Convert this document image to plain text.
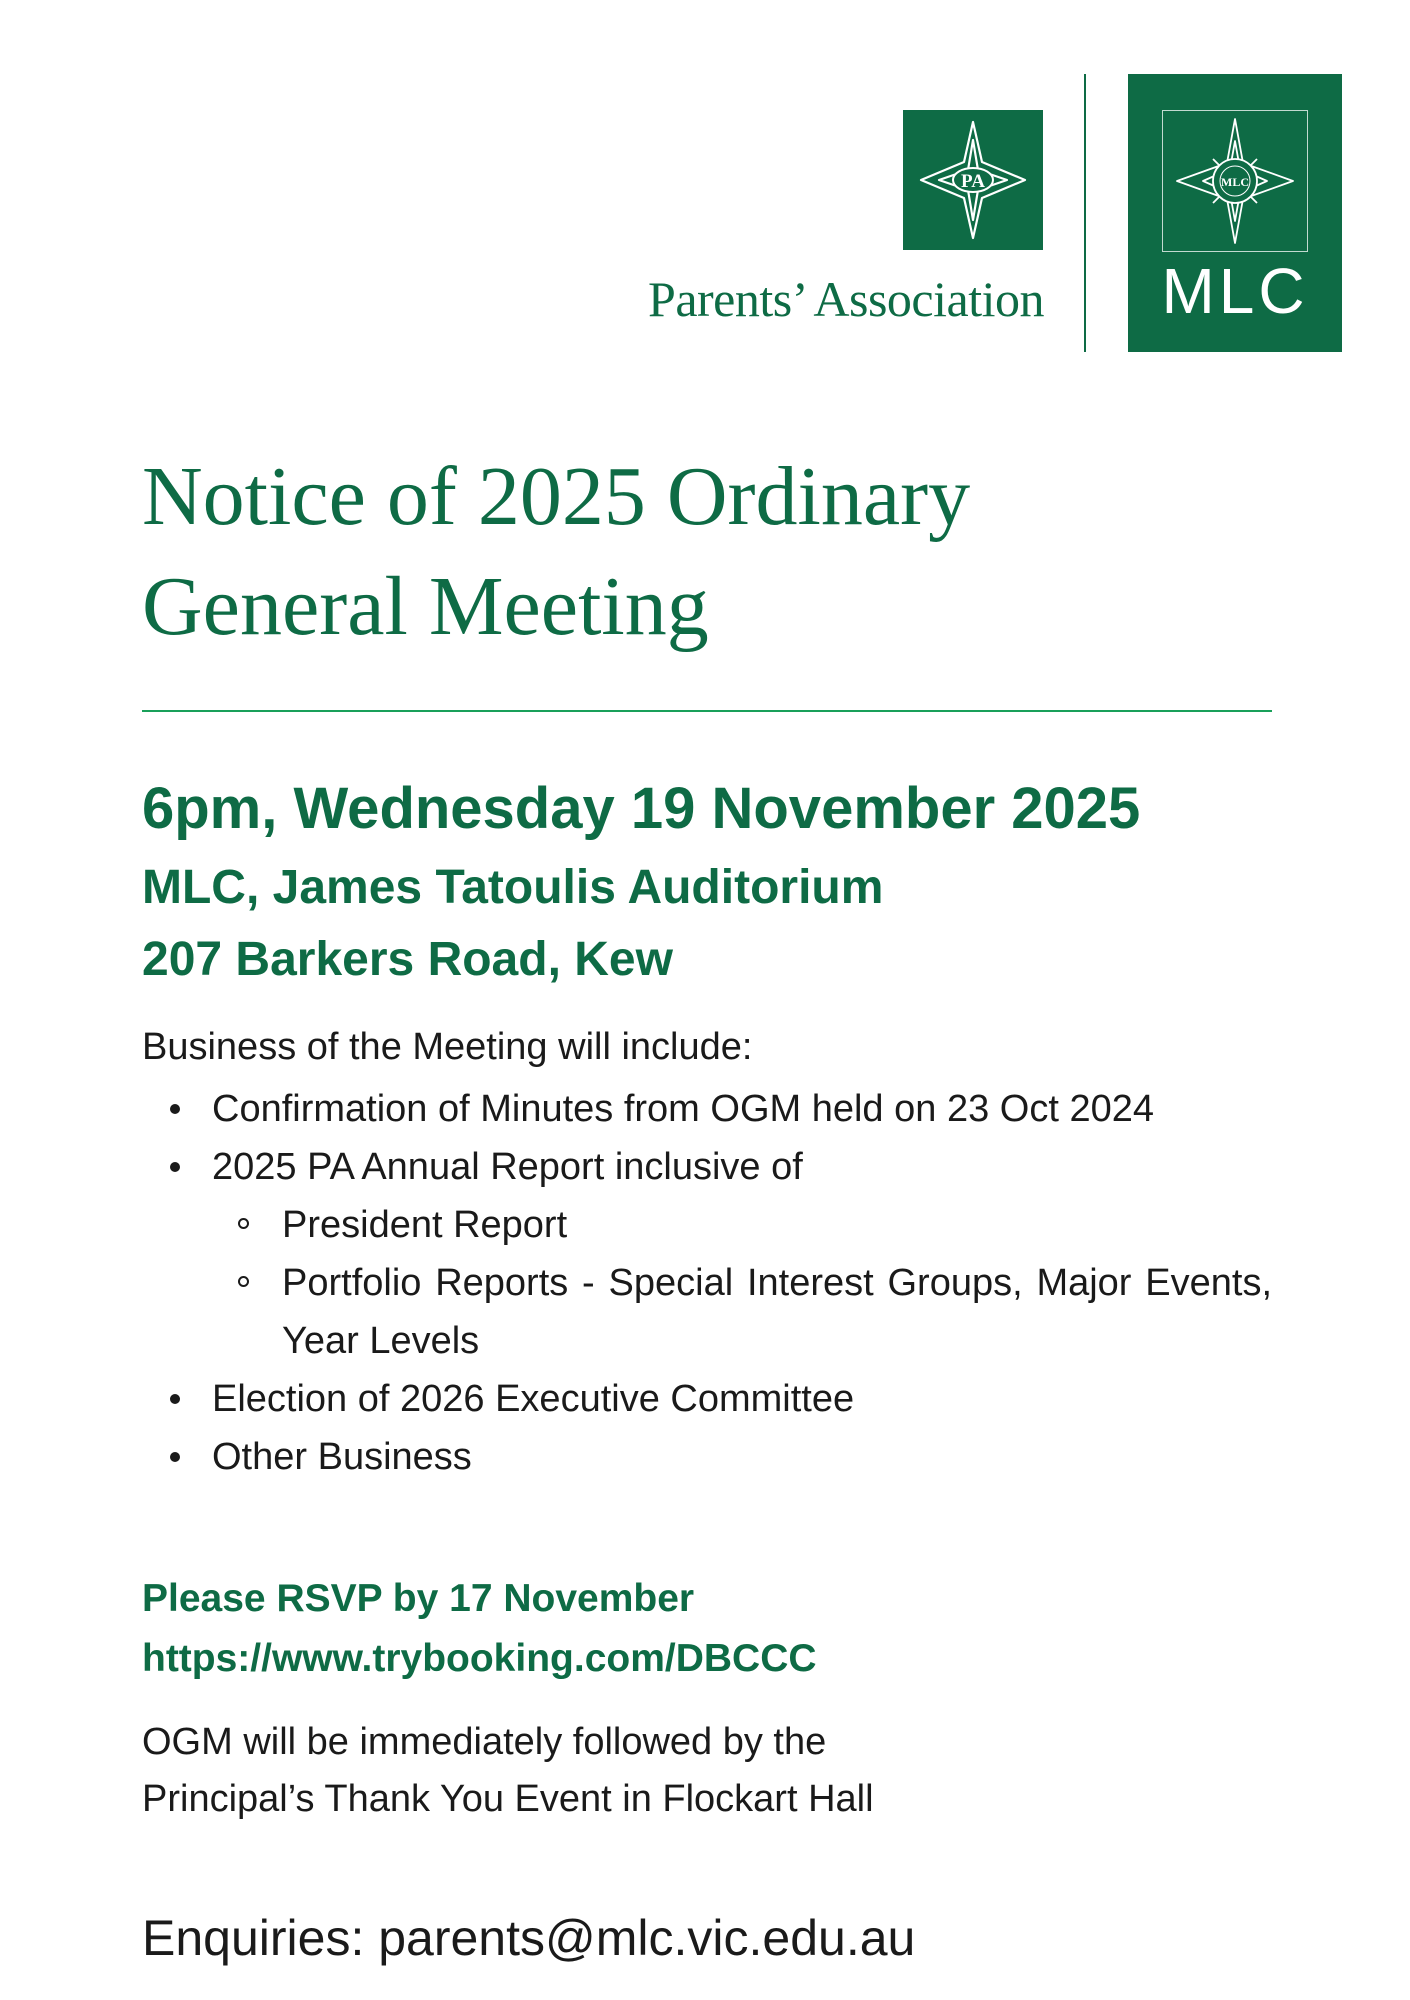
PA
Parents’ Association
MLC
MLC
Notice of 2025 Ordinary
General Meeting
6pm, Wednesday 19 November 2025
MLC, James Tatoulis Auditorium
207 Barkers Road, Kew
Business of the Meeting will include:
Confirmation of Minutes from OGM held on 23 Oct 2024
2025 PA Annual Report inclusive of
President Report
Portfolio Reports - Special Interest Groups, Major Events, Year Levels
Election of 2026 Executive Committee
Other Business
Please RSVP by 17 November
https://www.trybooking.com/DBCCC
OGM will be immediately followed by the
Principal’s Thank You Event in Flockart Hall
Enquiries: parents@mlc.vic.edu.au
